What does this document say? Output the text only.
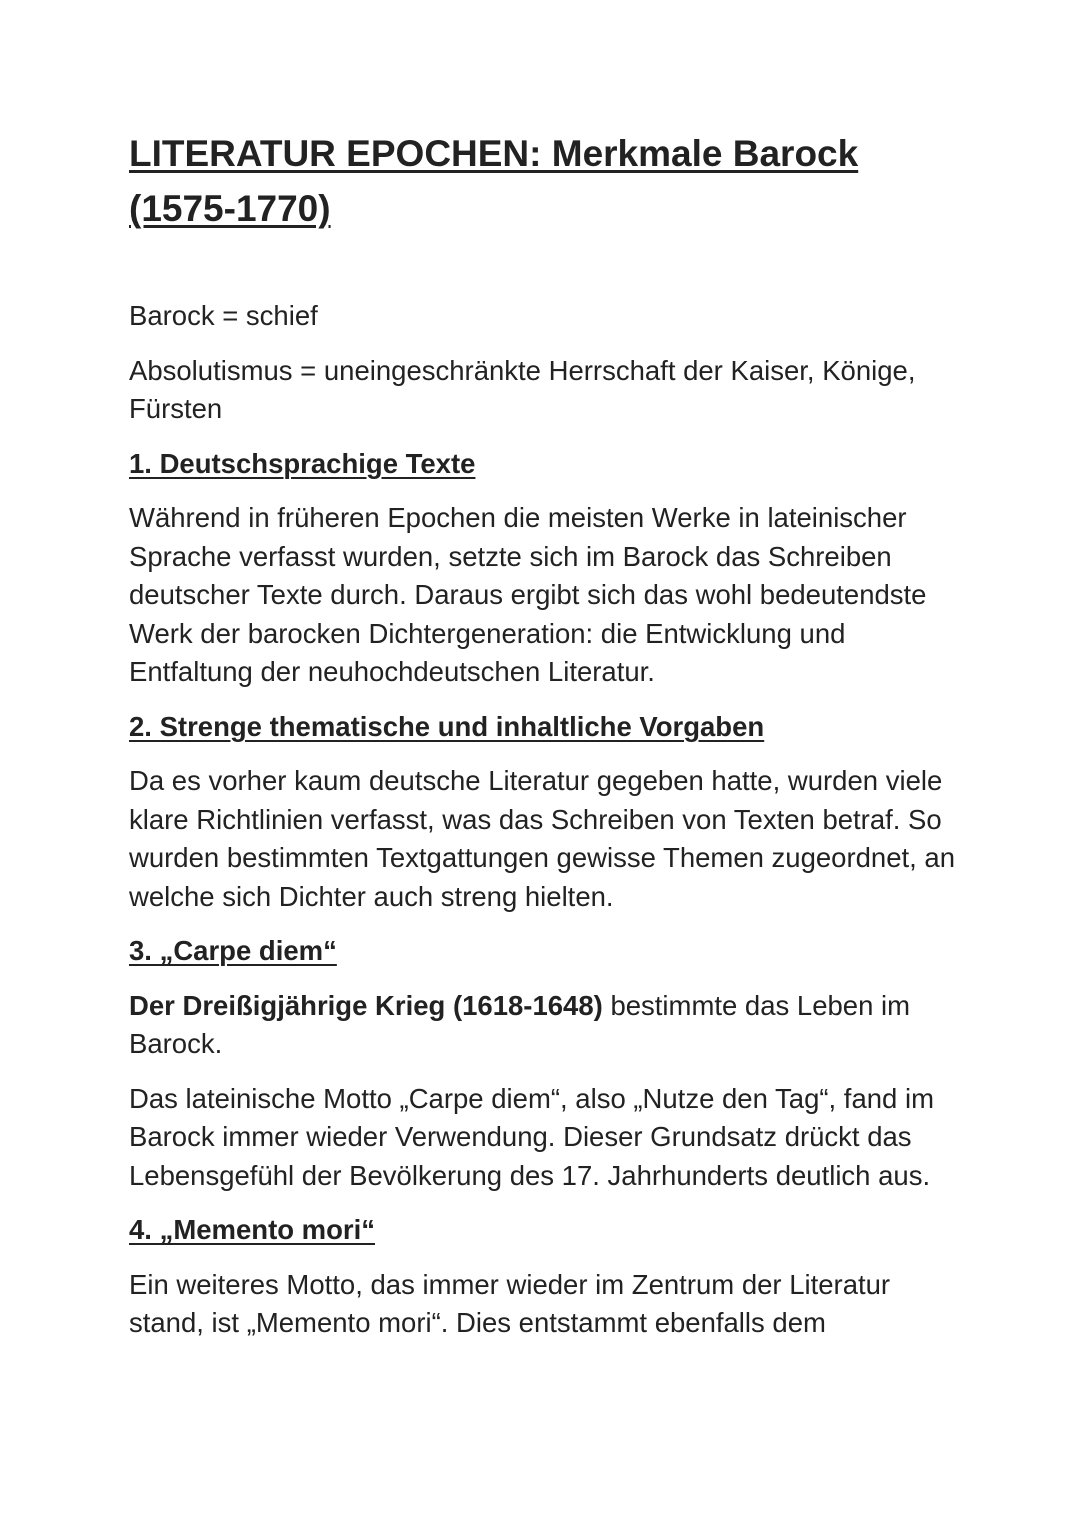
LITERATUR EPOCHEN: Merkmale Barock (1575-1770)

Barock = schief

Absolutismus = uneingeschränkte Herrschaft der Kaiser, Könige, Fürsten

1. Deutschsprachige Texte

Während in früheren Epochen die meisten Werke in lateinischer Sprache verfasst wurden, setzte sich im Barock das Schreiben deutscher Texte durch. Daraus ergibt sich das wohl bedeutendste Werk der barocken Dichtergeneration: die Entwicklung und Entfaltung der neuhochdeutschen Literatur.

2. Strenge thematische und inhaltliche Vorgaben

Da es vorher kaum deutsche Literatur gegeben hatte, wurden viele klare Richtlinien verfasst, was das Schreiben von Texten betraf. So wurden bestimmten Textgattungen gewisse Themen zugeordnet, an welche sich Dichter auch streng hielten.

3. „Carpe diem“

Der Dreißigjährige Krieg (1618-1648) bestimmte das Leben im Barock.

Das lateinische Motto „Carpe diem“, also „Nutze den Tag“, fand im Barock immer wieder Verwendung. Dieser Grundsatz drückt das Lebensgefühl der Bevölkerung des 17. Jahrhunderts deutlich aus.

4. „Memento mori“

Ein weiteres Motto, das immer wieder im Zentrum der Literatur stand, ist „Memento mori“. Dies entstammt ebenfalls dem
